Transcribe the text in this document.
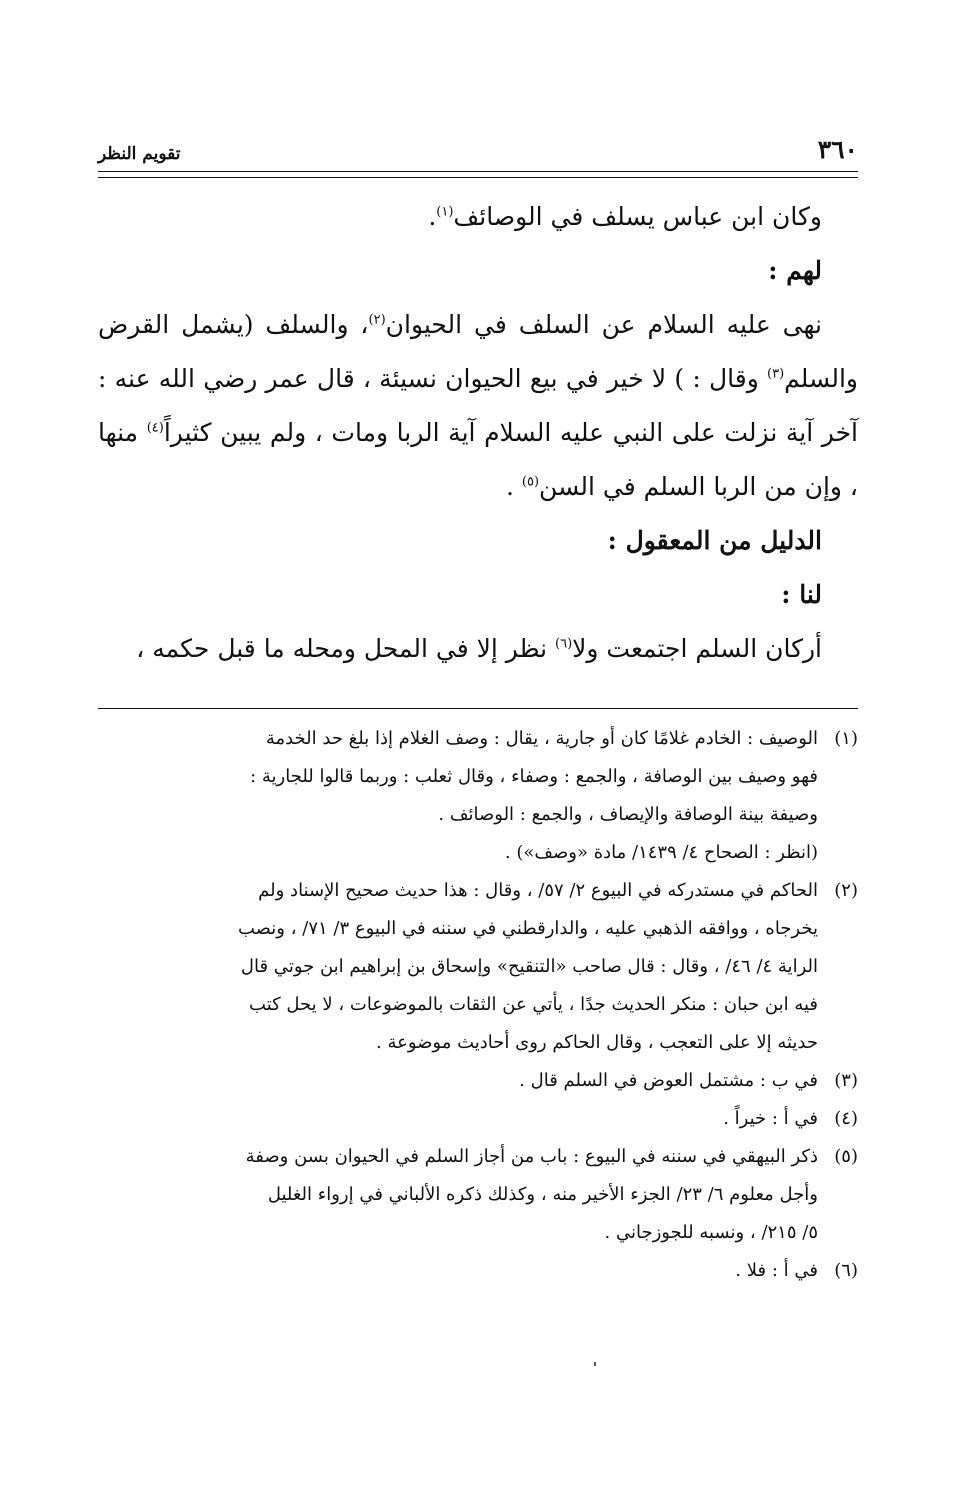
٣٦٠
تقويم النظر

وكان ابن عباس يسلف في الوصائف$^{(١)}$.

لهم :

نهى عليه السلام عن السلف في الحيوان$^{(٢)}$، والسلف (يشمل القرض والسلم$^{(٣)}$ وقال : ) لا خير في بيع الحيوان نسيئة ، قال عمر رضي الله عنه : آخر آية نزلت على النبي عليه السلام آية الربا ومات ، ولم يبين كثيراً$^{(٤)}$ منها ، وإن من الربا السلم في السن$^{(٥)}$ .

الدليل من المعقول :

لنا :

أركان السلم اجتمعت ولا$^{(٦)}$ نظر إلا في المحل ومحله ما قبل حكمه ،

(١)
الوصيف : الخادم غلامًا كان أو جارية ، يقال : وصف الغلام إذا بلغ حد الخدمة
فهو وصيف بين الوصافة ، والجمع : وصفاء ، وقال ثعلب : وربما قالوا للجارية :
وصيفة بينة الوصافة والإيصاف ، والجمع : الوصائف .
(انظر : الصحاح ٤/ ١٤٣٩/ مادة «وصف») .
(٢)
الحاكم في مستدركه في البيوع ٢/ ٥٧/ ، وقال : هذا حديث صحيح الإسناد ولم
يخرجاه ، ووافقه الذهبي عليه ، والدارقطني في سننه في البيوع ٣/ ٧١/ ، ونصب
الراية ٤/ ٤٦/ ، وقال : قال صاحب «التنقيح» وإسحاق بن إبراهيم ابن جوتي قال
فيه ابن حبان : منكر الحديث جدًا ، يأتي عن الثقات بالموضوعات ، لا يحل كتب
حديثه إلا على التعجب ، وقال الحاكم روى أحاديث موضوعة .
(٣)
في ب : مشتمل العوض في السلم قال .
(٤)
في أ : خيراً .
(٥)
ذكر البيهقي في سننه في البيوع : باب من أجاز السلم في الحيوان بسن وصفة
وأجل معلوم ٦/ ٢٣/ الجزء الأخير منه ، وكذلك ذكره الألباني في إرواء الغليل
٥/ ٢١٥/ ، ونسبه للجوزجاني .
(٦)
في أ : فلا .
